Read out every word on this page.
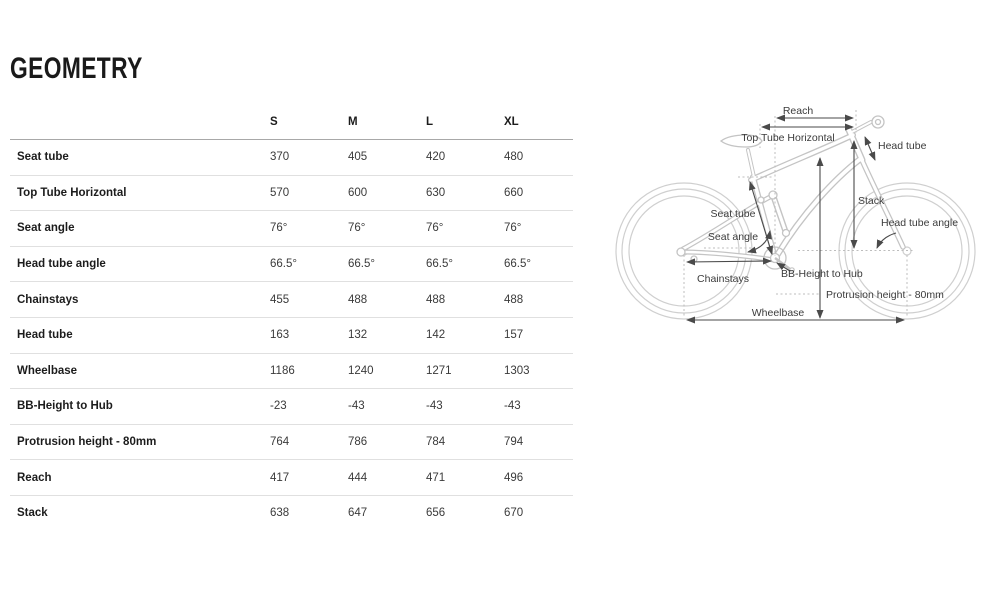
GEOMETRY
	S	M	L	XL
Seat tube	370	405	420	480
Top Tube Horizontal	570	600	630	660
Seat angle	76°	76°	76°	76°
Head tube angle	66.5°	66.5°	66.5°	66.5°
Chainstays	455	488	488	488
Head tube	163	132	142	157
Wheelbase	1186	1240	1271	1303
BB-Height to Hub	-23	-43	-43	-43
Protrusion height - 80mm	764	786	784	794
Reach	417	444	471	496
Stack	638	647	656	670
Reach
Top Tube Horizontal
Head tube
Seat tube
Seat angle
Stack
Head tube angle
Chainstays	BB-Height to Hub
Protrusion height - 80mm
Wheelbase
